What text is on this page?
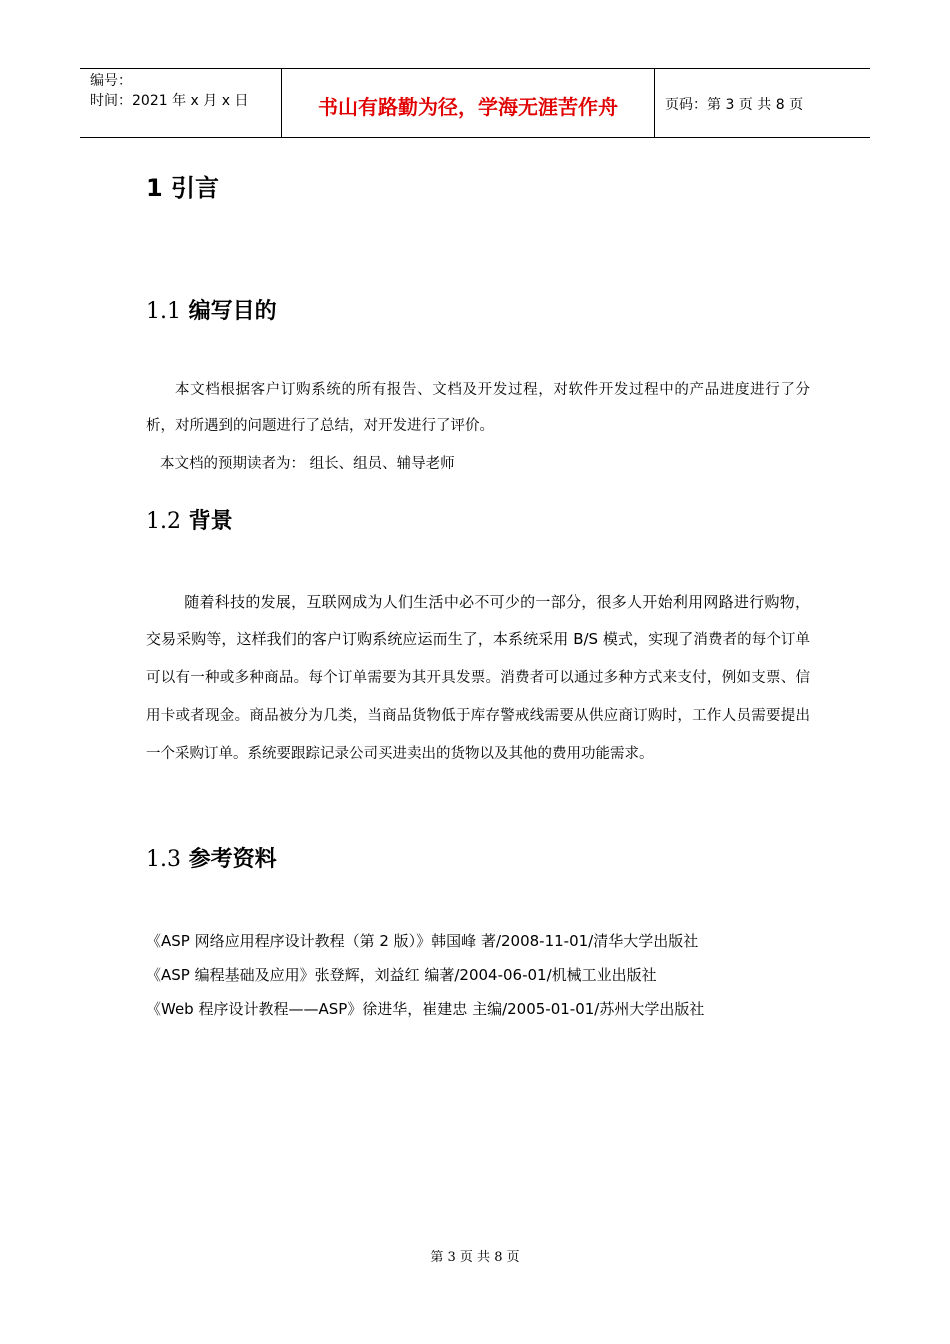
编号：
时间：2021 年 x 月 x 日	书山有路勤为径，学海无涯苦作舟	页码：第 3 页 共 8 页
1 引言
1.1 编写目的
本文档根据客户订购系统的所有报告、文档及开发过程，对软件开发过程中的产品进度进行了分析，对所遇到的问题进行了总结，对开发进行了评价。
本文档的预期读者为： 组长、组员、辅导老师
1.2 背景
随着科技的发展，互联网成为人们生活中必不可少的一部分，很多人开始利用网路进行购物，交易采购等，这样我们的客户订购系统应运而生了，本系统采用 B/S 模式，实现了消费者的每个订单可以有一种或多种商品。每个订单需要为其开具发票。消费者可以通过多种方式来支付，例如支票、信用卡或者现金。商品被分为几类，当商品货物低于库存警戒线需要从供应商订购时，工作人员需要提出一个采购订单。系统要跟踪记录公司买进卖出的货物以及其他的费用功能需求。
1.3 参考资料
《ASP 网络应用程序设计教程（第 2 版）》韩国峰 著/2008-11-01/清华大学出版社
《ASP 编程基础及应用》张登辉，刘益红 编著/2004-06-01/机械工业出版社
《Web 程序设计教程——ASP》徐进华，崔建忠 主编/2005-01-01/苏州大学出版社
第 3 页 共 8 页
